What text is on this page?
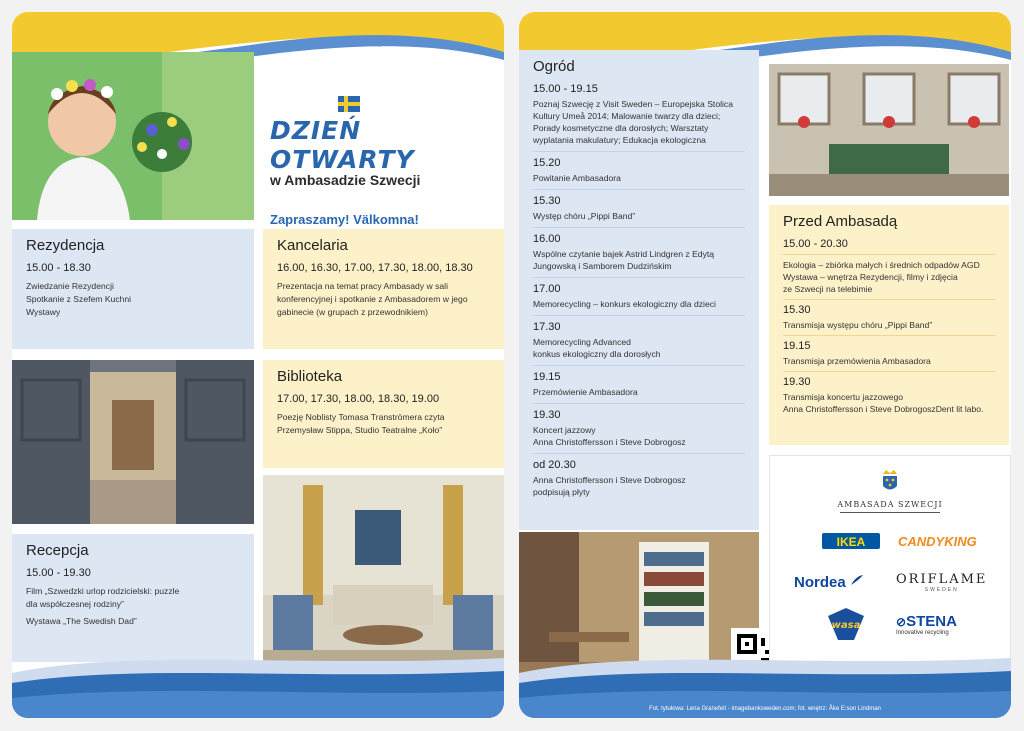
DZIEŃ OTWARTY
w Ambasadzie Szwecji
Zapraszamy! Välkomna!
Rezydencja
15.00 - 18.30
Zwiedzanie Rezydencji
Spotkanie z Szefem Kuchni
Wystawy
Kancelaria
16.00, 16.30, 17.00, 17.30, 18.00, 18.30
Prezentacja na temat pracy Ambasady w sali konferencyjnej i spotkanie z Ambasadorem w jego gabinecie (w grupach z przewodnikiem)
Biblioteka
17.00, 17.30, 18.00, 18.30, 19.00
Poezję Noblisty Tomasa Tranströmera czyta
Przemysław Stippa, Studio Teatralne „Koło”
Recepcja
15.00 - 19.30
Film „Szwedzki urlop rodzicielski: puzzle
dla współczesnej rodziny”
Wystawa „The Swedish Dad”
Ogród
15.00 - 19.15
Poznaj Szwecję z Visit Sweden – Europejska Stolica
Kultury Umeå 2014; Malowanie twarzy dla dzieci;
Porady kosmetyczne dla dorosłych; Warsztaty
wyplatania makulatury; Edukacja ekologiczna
15.20
Powitanie Ambasadora
15.30
Występ chóru „Pippi Band”
16.00
Wspólne czytanie bajek Astrid Lindgren z Edytą
Jungowską i Samborem Dudzińskim
17.00
Memorecycling – konkurs ekologiczny dla dzieci
17.30
Memorecycling Advanced
konkus ekologiczny dla dorosłych
19.15
Przemówienie Ambasadora
19.30
Koncert jazzowy
Anna Christoffersson i Steve Dobrogosz
od 20.30
Anna Christoffersson i Steve Dobrogosz
podpisują płyty
Przed Ambasadą
15.00 - 20.30
Ekologia – zbiórka małych i średnich odpadów AGD
Wystawa – wnętrza Rezydencji, filmy i zdjęcia
ze Szwecji na telebimie
15.30
Transmisja występu chóru „Pippi Band”
19.15
Transmisja przemówienia Ambasadora
19.30
Transmisja koncertu jazzowego
Anna Christoffersson i Steve DobrogoszDent lit labo.
AMBASADA SZWECJI
IKEA	CANDYKING
Nordea	ORIFLAME
SWEDEN
wasa	⊘STENA
Innovative recycling
Fot. tytułowa: Lena Granefelt - imagebanksweden.com; fot. wnętrz: Åke E:son Lindman
